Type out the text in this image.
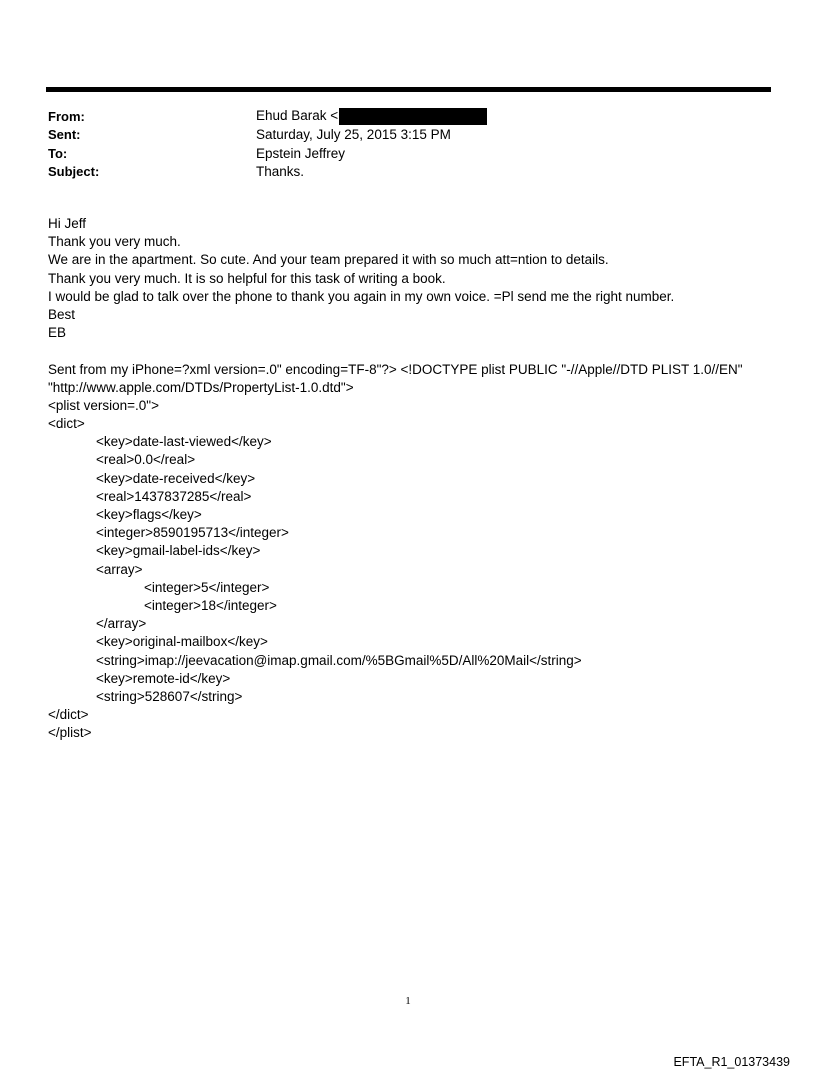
From:	Ehud Barak <
Sent:	Saturday, July 25, 2015 3:15 PM
To:	Epstein Jeffrey
Subject:	Thanks.
Hi Jeff
Thank you very much.
We are in the apartment. So cute. And your team prepared it with so much att=ntion to details.
Thank you very much. It is so helpful for this task of writing a book.
I would be glad to talk over the phone to thank you again in my own voice. =Pl send me the right number.
Best
EB
Sent from my iPhone=?xml version=.0" encoding=TF-8"?> <!DOCTYPE plist PUBLIC "-//Apple//DTD PLIST 1.0//EN"
"http://www.apple.com/DTDs/PropertyList-1.0.dtd">
<plist version=.0">
<dict>
<key>date-last-viewed</key>
<real>0.0</real>
<key>date-received</key>
<real>1437837285</real>
<key>flags</key>
<integer>8590195713</integer>
<key>gmail-label-ids</key>
<array>
<integer>5</integer>
<integer>18</integer>
</array>
<key>original-mailbox</key>
<string>imap://jeevacation@imap.gmail.com/%5BGmail%5D/All%20Mail</string>
<key>remote-id</key>
<string>528607</string>
</dict>
</plist>
1
EFTA_R1_01373439
